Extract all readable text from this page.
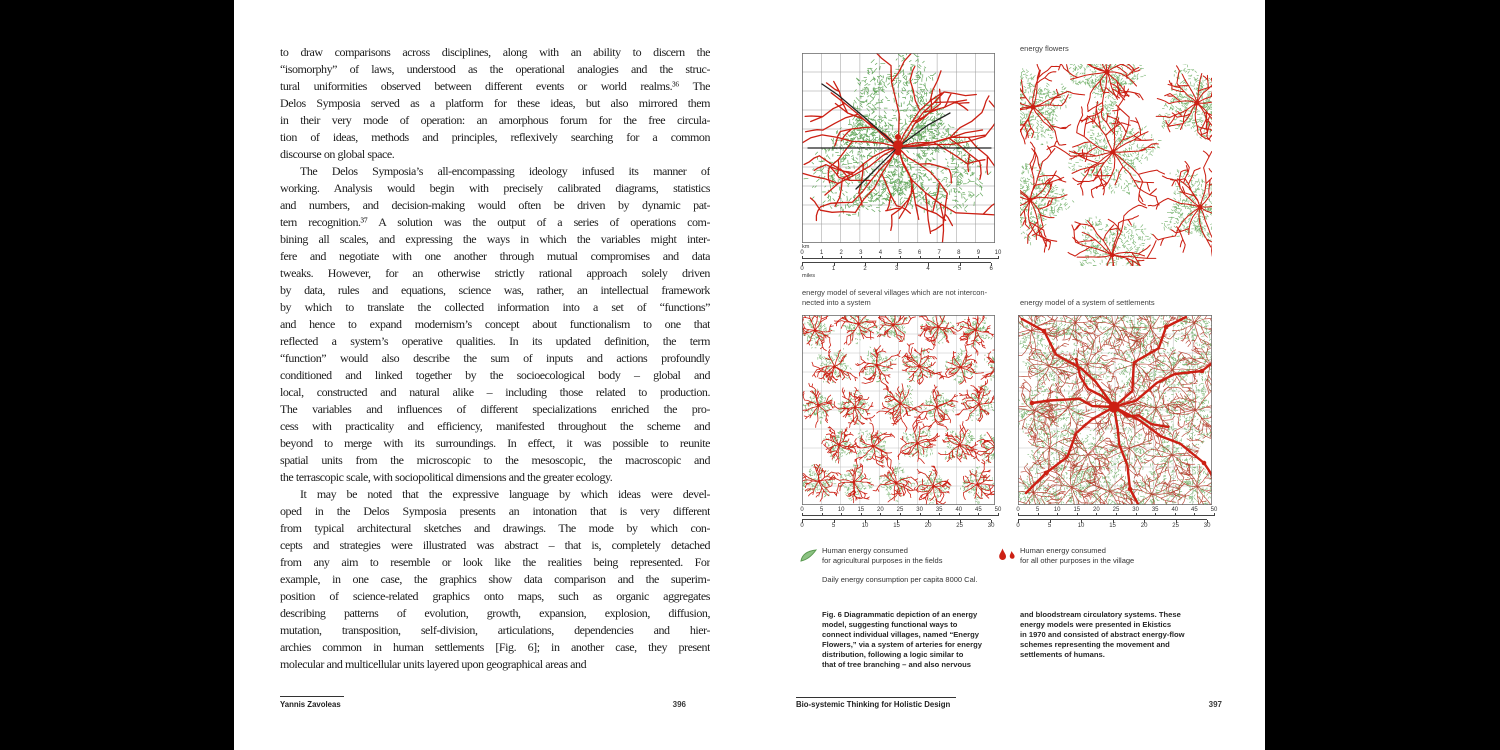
to draw comparisons across disciplines, along with an ability to discern the
“isomorphy” of laws, understood as the operational analogies and the struc-
tural uniformities observed between different events or world realms.³⁶ The
Delos Symposia served as a platform for these ideas, but also mirrored them
in their very mode of operation: an amorphous forum for the free circula-
tion of ideas, methods and principles, reflexively searching for a common
discourse on global space.
The Delos Symposia’s all-encompassing ideology infused its manner of
working. Analysis would begin with precisely calibrated diagrams, statistics
and numbers, and decision-making would often be driven by dynamic pat-
tern recognition.³⁷ A solution was the output of a series of operations com-
bining all scales, and expressing the ways in which the variables might inter-
fere and negotiate with one another through mutual compromises and data
tweaks. However, for an otherwise strictly rational approach solely driven
by data, rules and equations, science was, rather, an intellectual framework
by which to translate the collected information into a set of “functions”
and hence to expand modernism’s concept about functionalism to one that
reflected a system’s operative qualities. In its updated definition, the term
“function” would also describe the sum of inputs and actions profoundly
conditioned and linked together by the socioecological body – global and
local, constructed and natural alike – including those related to production.
The variables and influences of different specializations enriched the pro-
cess with practicality and efficiency, manifested throughout the scheme and
beyond to merge with its surroundings. In effect, it was possible to reunite
spatial units from the microscopic to the mesoscopic, the macroscopic and
the terrascopic scale, with sociopolitical dimensions and the greater ecology.
It may be noted that the expressive language by which ideas were devel-
oped in the Delos Symposia presents an intonation that is very different
from typical architectural sketches and drawings. The mode by which con-
cepts and strategies were illustrated was abstract – that is, completely detached
from any aim to resemble or look like the realities being represented. For
example, in one case, the graphics show data comparison and the superim-
position of science-related graphics onto maps, such as organic aggregates
describing patterns of evolution, growth, expansion, explosion, diffusion,
mutation, transposition, self-division, articulations, dependencies and hier-
archies common in human settlements [Fig. 6]; in another case, they present
molecular and multicellular units layered upon geographical areas and
Yannis Zavoleas	396
km
0	1	2	3	4	5	6	7	8	9 10
0	1	2	3	4	5	6
miles
energy flowers
energy model of several villages which are not intercon-
nected into a system	energy model of a system of settlements
0	5 10 15 20 25 30 35 40 45 50
0	5	10	15	20	25	30
0	5 10 15 20 25 30 35 40 45 50
0	5	10	15	20	25	30
Human energy consumed
for agricultural purposes in the fields
Daily energy consumption per capita 8000 Cal.
Human energy consumed
for all other purposes in the village
Fig. 6 Diagrammatic depiction of an energy
model, suggesting functional ways to
connect individual villages, named “Energy
Flowers,” via a system of arteries for energy
distribution, following a logic similar to
that of tree branching – and also nervous
and bloodstream circulatory systems. These
energy models were presented in Ekistics
in 1970 and consisted of abstract energy-flow
schemes representing the movement and
settlements of humans.
Bio-systemic Thinking for Holistic Design	397
